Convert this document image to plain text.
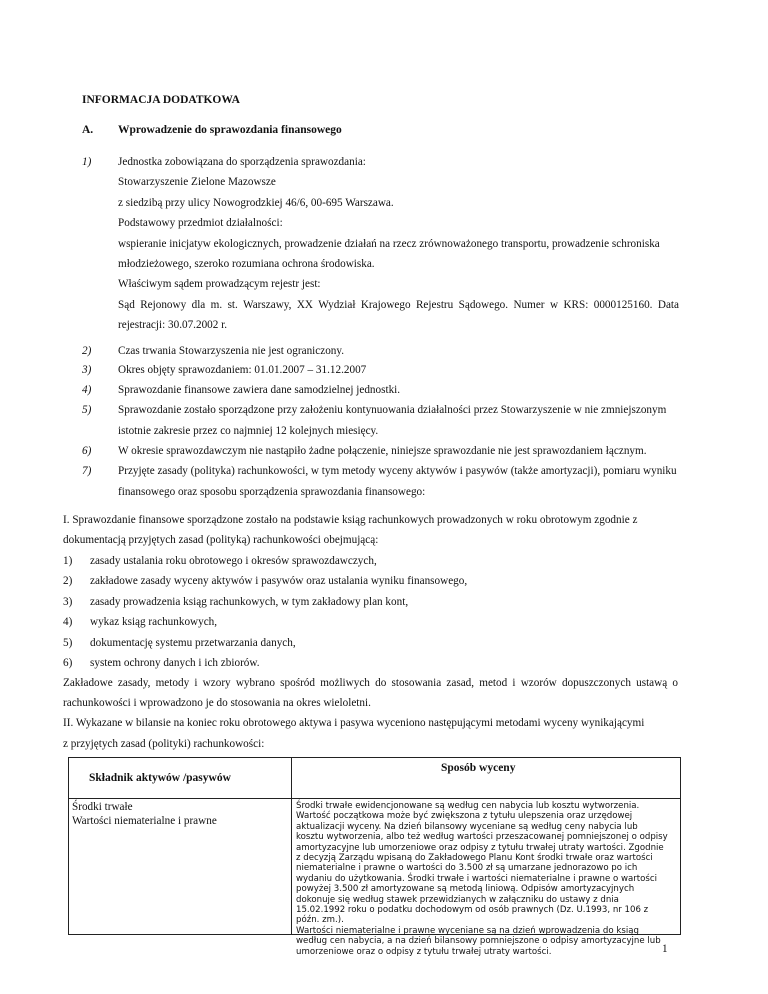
INFORMACJA DODATKOWA
A. Wprowadzenie do sprawozdania finansowego
1) Jednostka zobowiązana do sporządzenia sprawozdania:
Stowarzyszenie Zielone Mazowsze
z siedzibą przy ulicy Nowogrodzkiej 46/6, 00-695 Warszawa.
Podstawowy przedmiot działalności:
wspieranie inicjatyw ekologicznych, prowadzenie działań na rzecz zrównoważonego transportu, prowadzenie schroniska
młodzieżowego, szeroko rozumiana ochrona środowiska.
Właściwym sądem prowadzącym rejestr jest:
Sąd Rejonowy dla m. st. Warszawy, XX Wydział Krajowego Rejestru Sądowego. Numer w KRS: 0000125160. Data
rejestracji: 30.07.2002 r.
2) Czas trwania Stowarzyszenia nie jest ograniczony.
3) Okres objęty sprawozdaniem: 01.01.2007 – 31.12.2007
4) Sprawozdanie finansowe zawiera dane samodzielnej jednostki.
5) Sprawozdanie zostało sporządzone przy założeniu kontynuowania działalności przez Stowarzyszenie w nie zmniejszonym
istotnie zakresie przez co najmniej 12 kolejnych miesięcy.
6) W okresie sprawozdawczym nie nastąpiło żadne połączenie, niniejsze sprawozdanie nie jest sprawozdaniem łącznym.
7) Przyjęte zasady (polityka) rachunkowości, w tym metody wyceny aktywów i pasywów (także amortyzacji), pomiaru wyniku
finansowego oraz sposobu sporządzenia sprawozdania finansowego:
I. Sprawozdanie finansowe sporządzone zostało na podstawie ksiąg rachunkowych prowadzonych w roku obrotowym zgodnie z
dokumentacją przyjętych zasad (polityką) rachunkowości obejmującą:
1) zasady ustalania roku obrotowego i okresów sprawozdawczych,
2) zakładowe zasady wyceny aktywów i pasywów oraz ustalania wyniku finansowego,
3) zasady prowadzenia ksiąg rachunkowych, w tym zakładowy plan kont,
4) wykaz ksiąg rachunkowych,
5) dokumentację systemu przetwarzania danych,
6) system ochrony danych i ich zbiorów.
Zakładowe zasady, metody i wzory wybrano spośród możliwych do stosowania zasad, metod i wzorów dopuszczonych ustawą o
rachunkowości i wprowadzono je do stosowania na okres wieloletni.
II. Wykazane w bilansie na koniec roku obrotowego aktywa i pasywa wyceniono następującymi metodami wyceny wynikającymi
z przyjętych zasad (polityki) rachunkowości:
Składnik aktywów /pasywów
Sposób wyceny
Środki trwałe
Wartości niematerialne i prawne
Środki trwałe ewidencjonowane są według cen nabycia lub kosztu wytworzenia.
Wartość początkowa może być zwiększona z tytułu ulepszenia oraz urzędowej
aktualizacji wyceny. Na dzień bilansowy wyceniane są według ceny nabycia lub
kosztu wytworzenia, albo też według wartości przeszacowanej pomniejszonej o odpisy
amortyzacyjne lub umorzeniowe oraz odpisy z tytułu trwałej utraty wartości. Zgodnie
z decyzją Zarządu wpisaną do Zakładowego Planu Kont środki trwałe oraz wartości
niematerialne i prawne o wartości do 3.500 zł są umarzane jednorazowo po ich
wydaniu do użytkowania. Środki trwałe i wartości niematerialne i prawne o wartości
powyżej 3.500 zł amortyzowane są metodą liniową. Odpisów amortyzacyjnych
dokonuje się według stawek przewidzianych w załączniku do ustawy z dnia
15.02.1992 roku o podatku dochodowym od osób prawnych (Dz. U.1993, nr 106 z
późn. zm.).
Wartości niematerialne i prawne wyceniane są na dzień wprowadzenia do ksiąg
według cen nabycia, a na dzień bilansowy pomniejszone o odpisy amortyzacyjne lub
umorzeniowe oraz o odpisy z tytułu trwałej utraty wartości.	1
